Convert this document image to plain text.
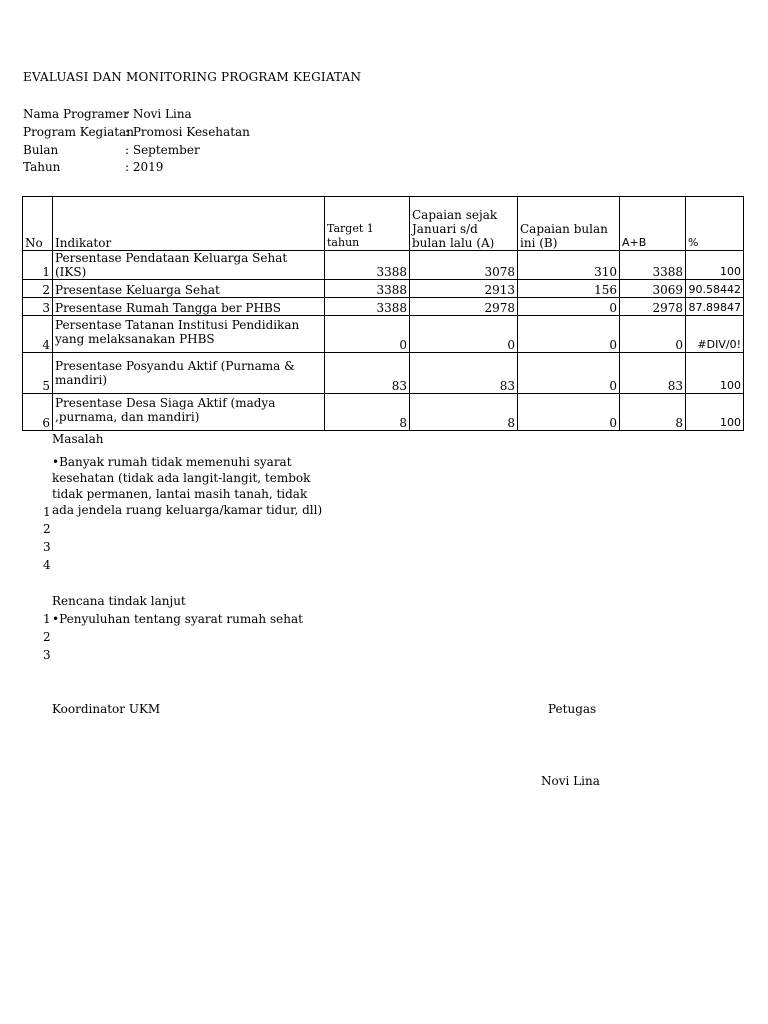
EVALUASI DAN MONITORING PROGRAM KEGIATAN
Nama Programer
: Novi Lina
Program Kegiatan
: Promosi Kesehatan
Bulan	: September
Tahun	: 2019
No	Indikator	Target 1 tahun	Capaian sejak Januari s/d bulan lalu (A)	Capaian bulan ini (B)	A+B	%
1	Persentase Pendataan Keluarga Sehat (IKS)	3388	3078	310	3388	100
2	Presentase Keluarga Sehat	3388	2913	156	3069	90.58442
3	Presentase Rumah Tangga ber PHBS	3388	2978	0	2978	87.89847
4	Persentase Tatanan Institusi Pendidikan yang melaksanakan PHBS	0	0	0	0	#DIV/0!
5	Presentase Posyandu Aktif (Purnama & mandiri)	83	83	0	83	100
6	Presentase Desa Siaga Aktif (madya ,purnama, dan mandiri)	8	8	0	8	100
Masalah
•Banyak rumah tidak memenuhi syarat kesehatan (tidak ada langit-langit, tembok tidak permanen, lantai masih tanah, tidak ada jendela ruang keluarga/kamar tidur, dll)
1
2
3
4
Rencana tindak lanjut
1 •Penyuluhan tentang syarat rumah sehat
2
3
Koordinator UKM	Petugas
Novi Lina
